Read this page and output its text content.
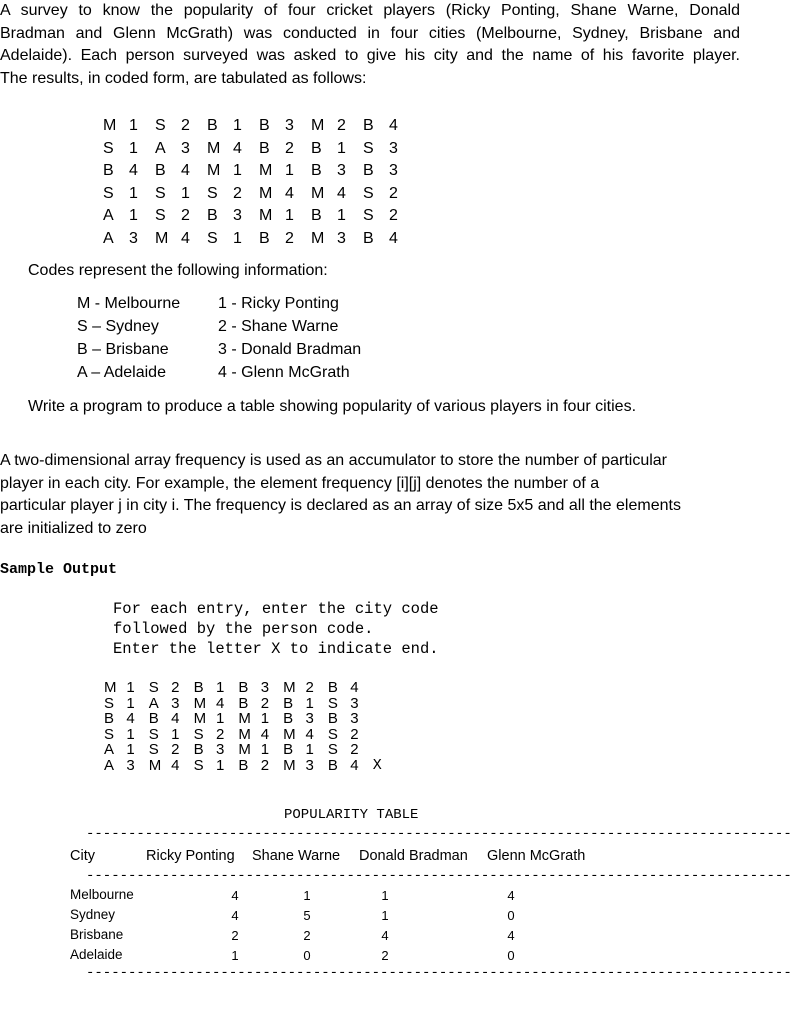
A survey to know the popularity of four cricket players (Ricky Ponting, Shane Warne, Donald
Bradman and Glenn McGrath) was conducted in four cities (Melbourne, Sydney, Brisbane and
Adelaide). Each person surveyed was asked to give his city and the name of his favorite player.
The results, in coded form, are tabulated as follows:
M 1	S 2	B 1	B 3	M 2	B 4
S 1	A 3	M 4	B 2	B 1	S 3
B 4	B 4	M 1	M 1	B 3	B 3
S 1	S 1	S 2	M 4	M 4	S 2
A 1	S 2	B 3	M 1	B 1	S 2
A 3	M 4	S 1	B 2	M 3	B 4
Codes represent the following information:
M - Melbourne 1 - Ricky Ponting
S – Sydney	2 - Shane Warne
B – Brisbane	3 - Donald Bradman
A – Adelaide	4 - Glenn McGrath
Write a program to produce a table showing popularity of various players in four cities.
A two-dimensional array frequency is used as an accumulator to store the number of particular
player in each city. For example, the element frequency [i][j] denotes the number of a
particular player j in city i. The frequency is declared as an array of size 5x5 and all the elements
are initialized to zero
Sample Output
For each entry, enter the city code
followed by the person code.
Enter the letter X to indicate end.
M 1 S 2 B 1 B 3 M 2 B 4
S 1 A 3 M 4 B 2 B 1 S 3
B 4 B 4 M 1 M 1 B 3 B 3
S 1 S 1 S 2 M 4 M 4 S 2
A 1 S 2 B 3 M 1 B 1 S 2
A 3 M 4 S 1 B 2 M 3 B 4 X
POPULARITY TABLE
------------------------------------------------------------------------------------
------------------------------------------------------------------------------------
------------------------------------------------------------------------------------
City	Ricky Ponting Shane Warne Donald Bradman Glenn McGrath
Melbourne	4	1	1	4
Sydney	4	5	1	0
Brisbane	2	2	4	4
Adelaide	1	0	2	0
